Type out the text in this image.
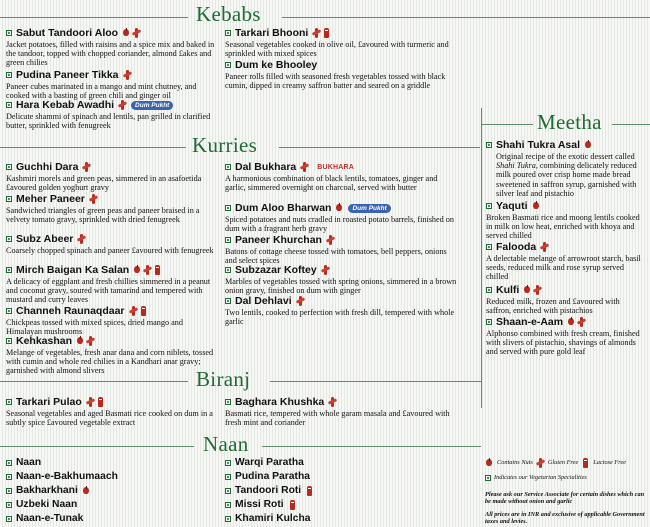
Kebabs
Sabut Tandoori Aloo
Jacket potatoes, filled with raisins and a spice mix and baked in the tandoor, topped with chopped coriander, almond £akes and green chilies
Pudina Paneer Tikka
Paneer cubes marinated in a mango and mint chutney, and cooked with a basting of green chili and ginger oil
Hara Kebab Awadhi	Dum Pukht
Delicate shammi of spinach and lentils, pan grilled in clarified butter, sprinkled with fenugreek
Tarkari Bhooni
Seasonal vegetables cooked in olive oil, £avoured with turmeric and sprinkled with mixed spices
Dum ke Bhooley
Paneer rolls filled with seasoned fresh vegetables tossed with black cumin, dipped in creamy saffron batter and seared on a griddle
Kurries
Guchhi Dara
Kashmiri morels and green peas, simmered in an asafoetida £avoured golden yoghurt gravy
Meher Paneer
Sandwiched triangles of green peas and paneer braised in a velvety tomato gravy, sprinkled with dried fenugreek
Subz Abeer
Coarsely chopped spinach and paneer £avoured with fenugreek
Mirch Baigan Ka Salan
A delicacy of eggplant and fresh chillies simmered in a peanut and coconut gravy, soured with tamarind and tempered with mustard and curry leaves
Channeh Raunaqdaar
Chickpeas tossed with mixed spices, dried mango and Himalayan mushrooms
Kehkashan
Melange of vegetables, fresh anar dana and corn niblets, tossed with cumin and whole red chilies in a Kandhari anar gravy; garnished with almond slivers
Dal Bukhara	BUKHARA
A harmonious combination of black lentils, tomatoes, ginger and garlic, simmered overnight on charcoal, served with butter
Dum Aloo Bharwan	Dum Pukht
Spiced potatoes and nuts cradled in roasted potato barrels, finished on dum with a fragrant herb gravy
Paneer Khurchan
Batons of cottage cheese tossed with tomatoes, bell peppers, onions and select spices
Subzazar Koftey
Marbles of vegetables tossed with spring onions, simmered in a brown onion gravy, finished on dum with ginger
Dal Dehlavi
Two lentils, cooked to perfection with fresh dill, tempered with whole garlic
Biranj
Tarkari Pulao
Seasonal vegetables and aged Basmati rice cooked on dum in a subtly spice £avoured vegetable extract
Baghara Khushka
Basmati rice, tempered with whole garam masala and £avoured with fresh mint and coriander
Naan
Naan
Naan-e-Bakhumaach
Bakharkhani
Uzbeki Naan
Naan-e-Tunak
Warqi Paratha
Pudina Paratha
Tandoori Roti
Missi Roti
Khamiri Kulcha
Meetha
Shahi Tukra Asal
Original recipe of the exotic dessert called Shahi Tukra, combining delicately reduced milk poured over crisp home made bread sweetened in saffron syrup, garnished with silver leaf and pistachio
Yaquti
Broken Basmati rice and moong lentils cooked in milk on low heat, enriched with khoya and served chilled
Falooda
A delectable melange of arrowroot starch, basil seeds, reduced milk and rose syrup served chilled
Kulfi
Reduced milk, frozen and £avoured with saffron, enriched with pistachios
Shaan-e-Aam
Alphonso combined with fresh cream, finished with slivers of pistachio, shavings of almonds and served with pure gold leaf
Contains Nuts Gluten Free Lactose Free
Indicates our Vegetarian Specialities
Please ask our Service Associate for certain dishes which can be made without onion and garlic
All prices are in INR and exclusive of applicable Government taxes and levies.
